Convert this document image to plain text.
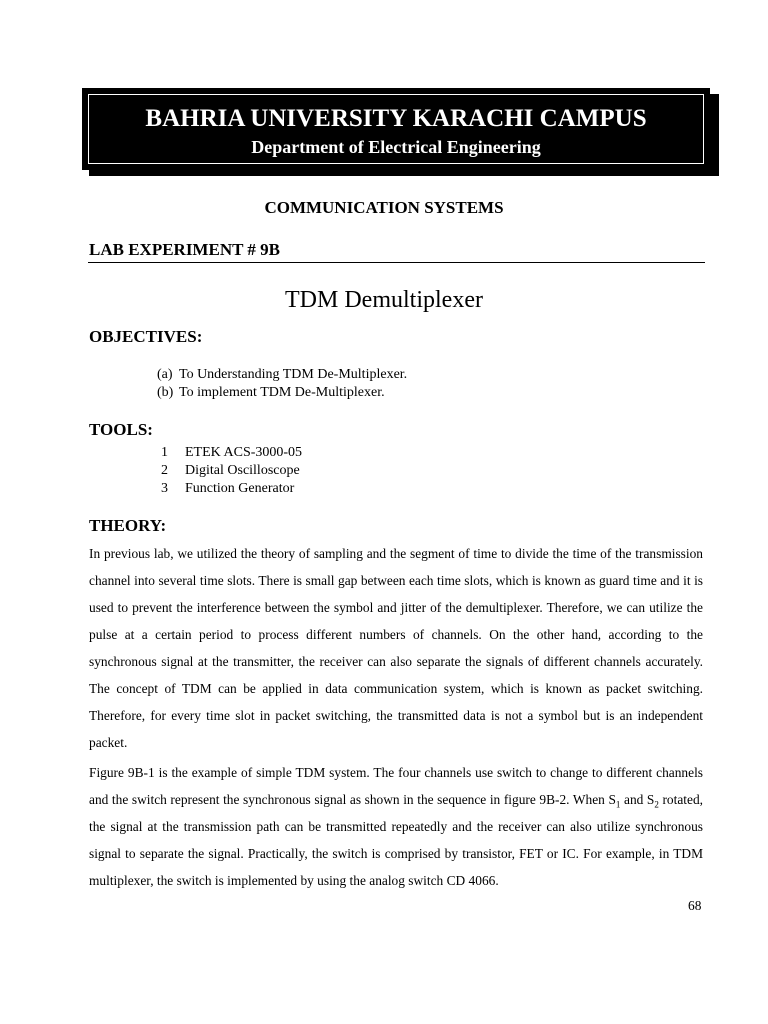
BAHRIA UNIVERSITY KARACHI CAMPUS
Department of Electrical Engineering
COMMUNICATION SYSTEMS
LAB EXPERIMENT # 9B
TDM Demultiplexer
OBJECTIVES:
(a) To Understanding TDM De-Multiplexer.
(b) To implement TDM De-Multiplexer.
TOOLS:
1 ETEK ACS-3000-05
2 Digital Oscilloscope
3 Function Generator
THEORY:

In previous lab, we utilized the theory of sampling and the segment of time to divide the time of the transmission channel into several time slots. There is small gap between each time slots, which is known as guard time and it is used to prevent the interference between the symbol and jitter of the demultiplexer. Therefore, we can utilize the pulse at a certain period to process different numbers of channels. On the other hand, according to the synchronous signal at the transmitter, the receiver can also separate the signals of different channels accurately. The concept of TDM can be applied in data communication system, which is known as packet switching. Therefore, for every time slot in packet switching, the transmitted data is not a symbol but is an independent packet.

Figure 9B-1 is the example of simple TDM system. The four channels use switch to change to different channels and the switch represent the synchronous signal as shown in the sequence in figure 9B-2. When $S_1$ and $S_2$ rotated, the signal at the transmission path can be transmitted repeatedly and the receiver can also utilize synchronous signal to separate the signal. Practically, the switch is comprised by transistor, FET or IC. For example, in TDM multiplexer, the switch is implemented by using the analog switch CD 4066.

68
